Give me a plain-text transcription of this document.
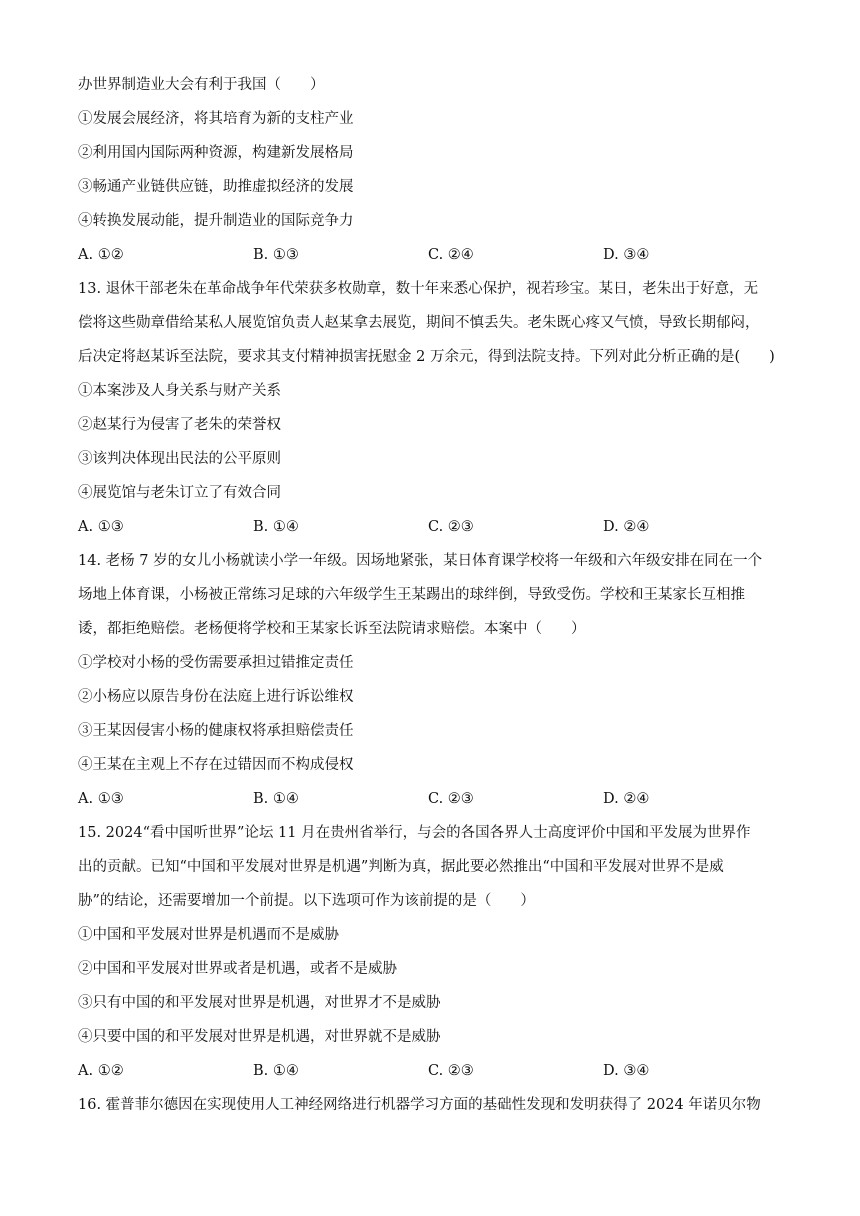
办世界制造业大会有利于我国（　　）
①发展会展经济，将其培育为新的支柱产业
②利用国内国际两种资源，构建新发展格局
③畅通产业链供应链，助推虚拟经济的发展
④转换发展动能，提升制造业的国际竞争力
A. ①②	B. ①③	C. ②④	D. ③④
13. 退休干部老朱在革命战争年代荣获多枚勋章，数十年来悉心保护，视若珍宝。某日，老朱出于好意，无
偿将这些勋章借给某私人展览馆负责人赵某拿去展览，期间不慎丢失。老朱既心疼又气愤，导致长期郁闷，
后决定将赵某诉至法院，要求其支付精神损害抚慰金 2 万余元，得到法院支持。下列对此分析正确的是(　　)
①本案涉及人身关系与财产关系
②赵某行为侵害了老朱的荣誉权
③该判决体现出民法的公平原则
④展览馆与老朱订立了有效合同
A. ①③	B. ①④	C. ②③	D. ②④
14. 老杨 7 岁的女儿小杨就读小学一年级。因场地紧张，某日体育课学校将一年级和六年级安排在同在一个
场地上体育课，小杨被正常练习足球的六年级学生王某踢出的球绊倒，导致受伤。学校和王某家长互相推
诿，都拒绝赔偿。老杨便将学校和王某家长诉至法院请求赔偿。本案中（　　）
①学校对小杨的受伤需要承担过错推定责任
②小杨应以原告身份在法庭上进行诉讼维权
③王某因侵害小杨的健康权将承担赔偿责任
④王某在主观上不存在过错因而不构成侵权
A. ①③	B. ①④	C. ②③	D. ②④
15. 2024“看中国听世界”论坛 11 月在贵州省举行，与会的各国各界人士高度评价中国和平发展为世界作
出的贡献。已知“中国和平发展对世界是机遇”判断为真，据此要必然推出“中国和平发展对世界不是威
胁”的结论，还需要增加一个前提。以下选项可作为该前提的是（　　）
①中国和平发展对世界是机遇而不是威胁
②中国和平发展对世界或者是机遇，或者不是威胁
③只有中国的和平发展对世界是机遇，对世界才不是威胁
④只要中国的和平发展对世界是机遇，对世界就不是威胁
A. ①②	B. ①④	C. ②③	D. ③④
16. 霍普菲尔德因在实现使用人工神经网络进行机器学习方面的基础性发现和发明获得了 2024 年诺贝尔物
